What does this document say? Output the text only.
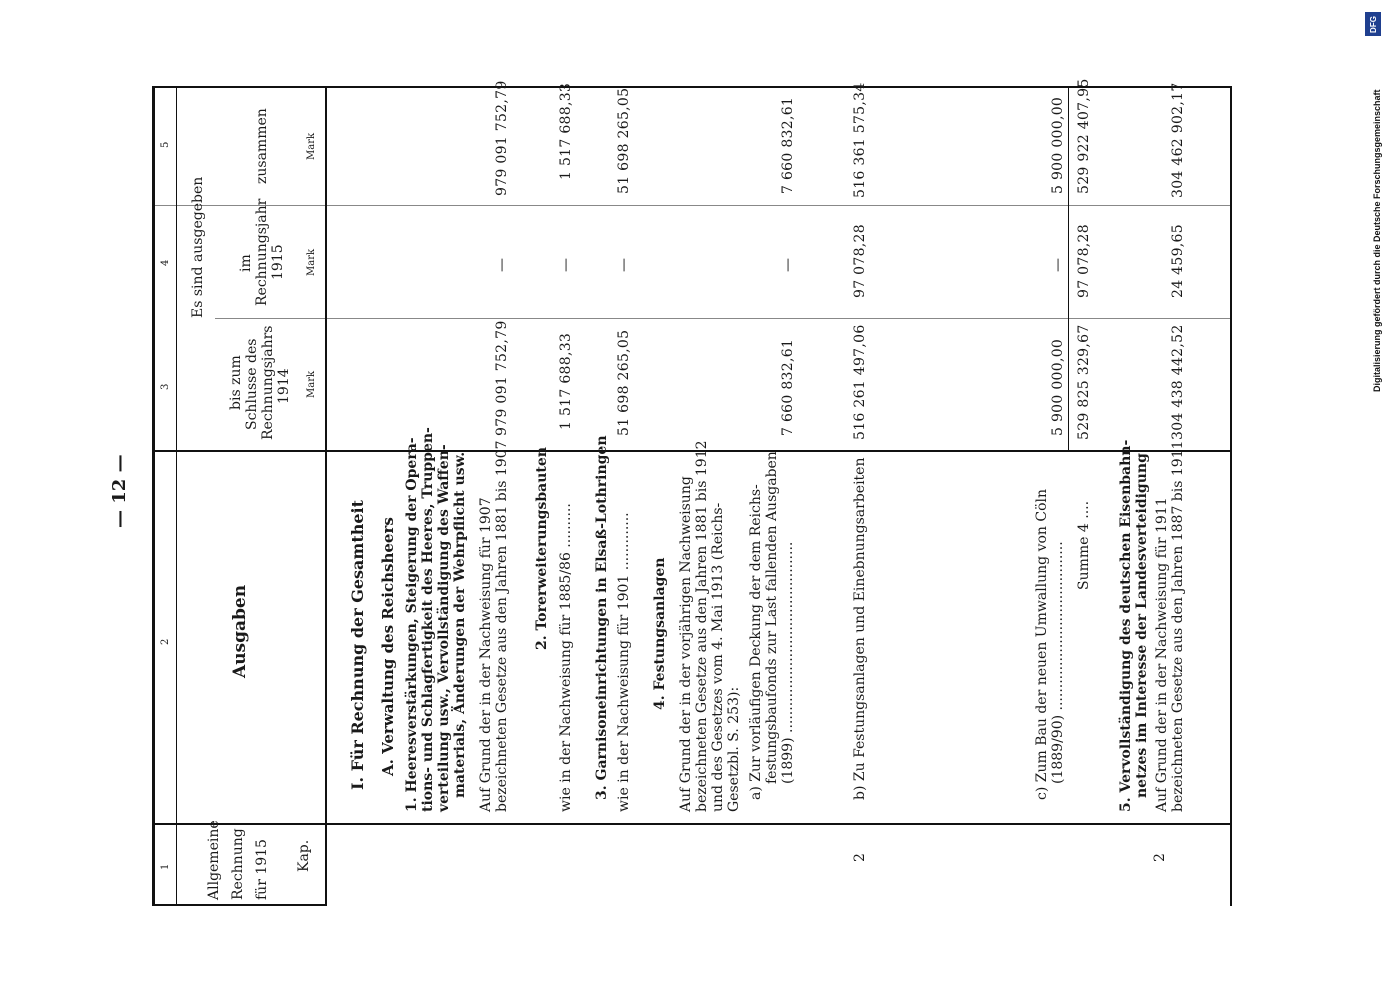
— 12 —
1
2
3
4
5
Allgemeine Rechnung für 1915 Kap.
Ausgaben
Es sind ausgegeben
bis zum Schlusse des Rechnungsjahrs 1914 Mark
im Rechnungsjahr 1915 Mark
zusammen	Mark
I. Für Rechnung der Gesamtheit A. Verwaltung des Reichsheers 1. Heeresverstärkungen, Steigerung der Opera- tions- und Schlagfertigkeit des Heeres, Truppen- verteilung usw., Vervollständigung des Waffen- materials, Änderungen der Wehrpflicht usw. Auf Grund der in der Nachweisung für 1907 bezeichneten Gesetze aus den Jahren 1881 bis 1907
979 091 752,79
—
979 091 752,79
2. Torerweiterungsbauten wie in der Nachweisung für 1885/86 ..........
1 517 688,33
—
1 517 688,33
3. Garnisoneinrichtungen in Elsaß-Lothringen wie in der Nachweisung für 1901 .............
51 698 265,05
—
51 698 265,05
4. Festungsanlagen Auf Grund der in der vorjährigen Nachweisung bezeichneten Gesetze aus den Jahren 1881 bis 1912 und des Gesetzes vom 4. Mai 1913 (Reichs- Gesetzbl. S. 253): a) Zur vorläufigen Deckung der dem Reichs- festungsbaufonds zur Last fallenden Ausgaben (1899) ...........................................
7 660 832,61
—
7 660 832,61
2
b) Zu Festungsanlagen und Einebnungsarbeiten
516 261 497,06
97 078,28
516 361 575,34
c) Zum Bau der neuen Umwallung von Cöln (1889/90) ......................................
5 900 000,00
—
5 900 000,00
Summe 4 ....
529 825 329,67
97 078,28
529 922 407,95
2
5. Vervollständigung des deutschen Eisenbahn- netzes im Interesse der Landesverteidigung Auf Grund der in der Nachweisung für 1911 bezeichneten Gesetze aus den Jahren 1887 bis 1911
304 438 442,52
24 459,65
304 462 902,17	Digitalisierung gefördert durch die Deutsche Forschungsgemeinschaft
DFG
